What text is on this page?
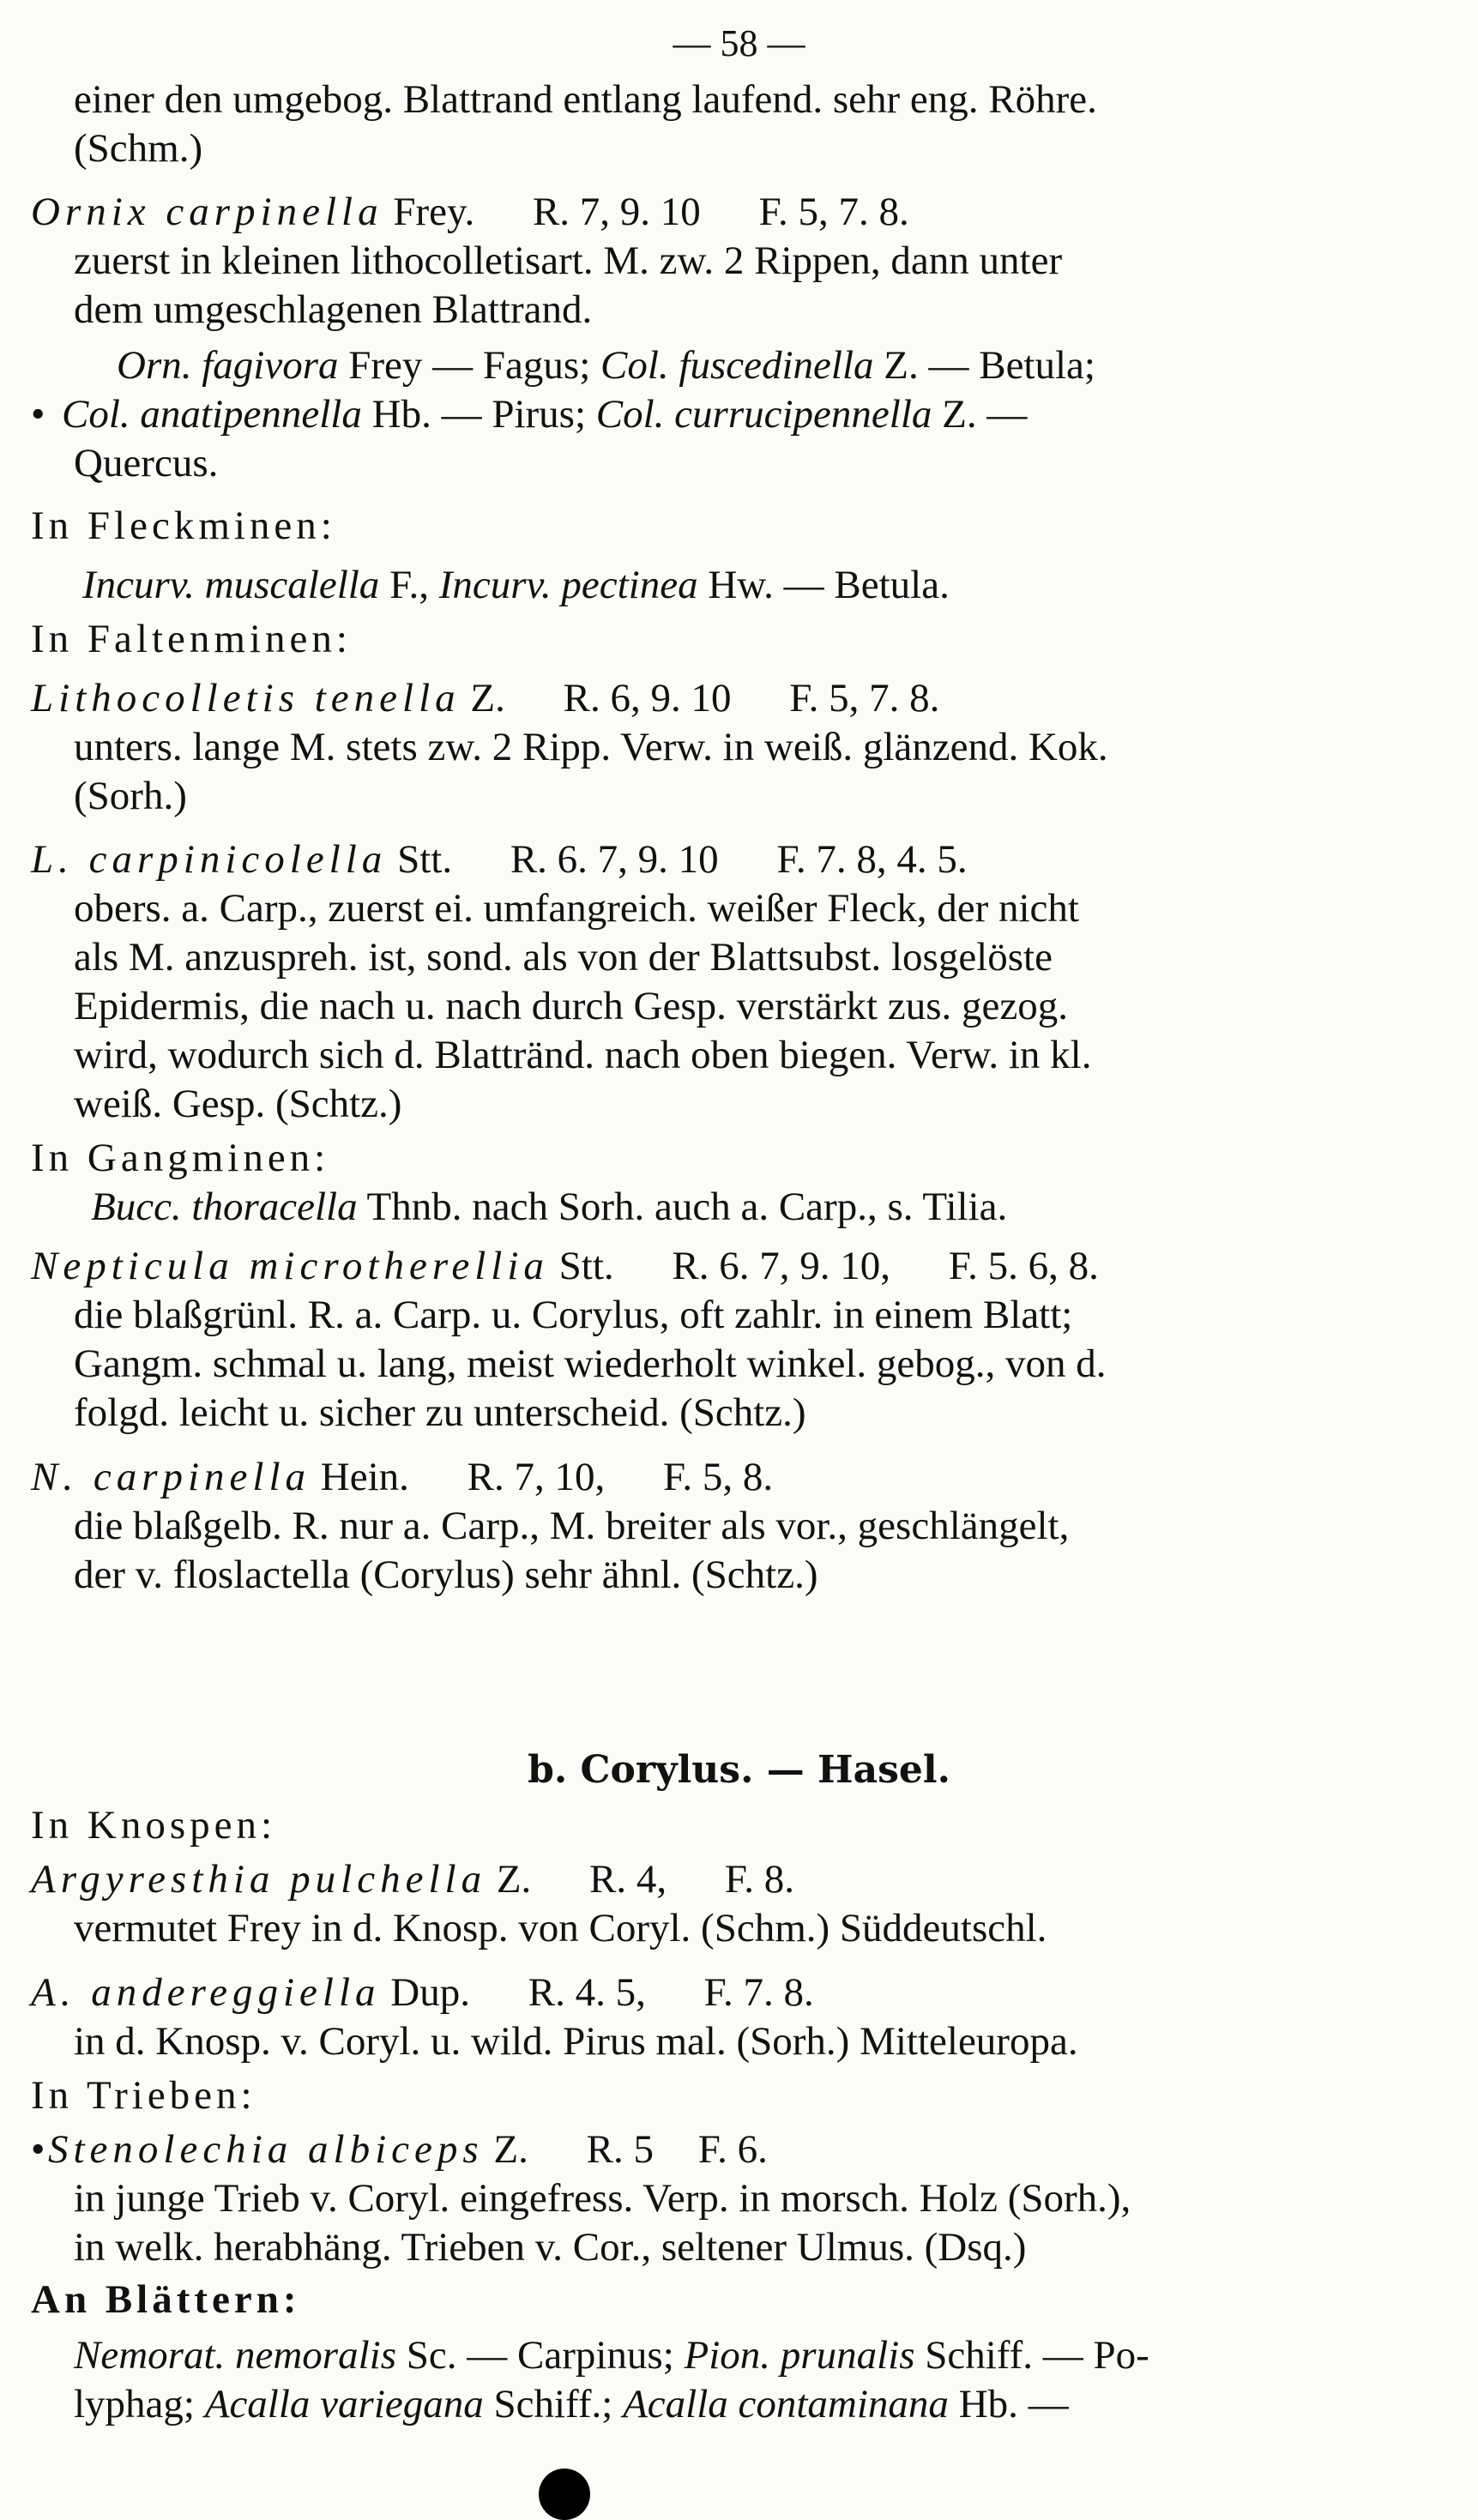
— 58 —
einer den umgebog. Blattrand entlang laufend. sehr eng. Röhre.
(Schm.)
Ornix carpinella Frey. R. 7, 9. 10 F. 5, 7. 8.
zuerst in kleinen lithocolletisart. M. zw. 2 Rippen, dann unter
dem umgeschlagenen Blattrand.
Orn. fagivora Frey — Fagus; Col. fuscedinella Z. — Betula;
• Col. anatipennella Hb. — Pirus; Col. currucipennella Z. —
Quercus.
In Fleckminen:
Incurv. muscalella F., Incurv. pectinea Hw. — Betula.
In Faltenminen:
Lithocolletis tenella Z. R. 6, 9. 10 F. 5, 7. 8.
unters. lange M. stets zw. 2 Ripp. Verw. in weiß. glänzend. Kok.
(Sorh.)
L. carpinicolella Stt. R. 6. 7, 9. 10 F. 7. 8, 4. 5.
obers. a. Carp., zuerst ei. umfangreich. weißer Fleck, der nicht
als M. anzuspreh. ist, sond. als von der Blattsubst. losgelöste
Epidermis, die nach u. nach durch Gesp. verstärkt zus. gezog.
wird, wodurch sich d. Blattränd. nach oben biegen. Verw. in kl.
weiß. Gesp. (Schtz.)
In Gangminen:
Bucc. thoracella Thnb. nach Sorh. auch a. Carp., s. Tilia.
Nepticula microtherellia Stt. R. 6. 7, 9. 10, F. 5. 6, 8.
die blaßgrünl. R. a. Carp. u. Corylus, oft zahlr. in einem Blatt;
Gangm. schmal u. lang, meist wiederholt winkel. gebog., von d.
folgd. leicht u. sicher zu unterscheid. (Schtz.)
N. carpinella Hein. R. 7, 10, F. 5, 8.
die blaßgelb. R. nur a. Carp., M. breiter als vor., geschlängelt,
der v. floslactella (Corylus) sehr ähnl. (Schtz.)
b. Corylus. — Hasel.
In Knospen:
Argyresthia pulchella Z. R. 4, F. 8.
vermutet Frey in d. Knosp. von Coryl. (Schm.) Süddeutschl.
A. andereggiella Dup. R. 4. 5, F. 7. 8.
in d. Knosp. v. Coryl. u. wild. Pirus mal. (Sorh.) Mitteleuropa.
In Trieben:
•Stenolechia albiceps Z. R. 5 F. 6.
in junge Trieb v. Coryl. eingefress. Verp. in morsch. Holz (Sorh.),
in welk. herabhäng. Trieben v. Cor., seltener Ulmus. (Dsq.)
An Blättern:
Nemorat. nemoralis Sc. — Carpinus; Pion. prunalis Schiff. — Po-
lyphag; Acalla variegana Schiff.; Acalla contaminana Hb. —
